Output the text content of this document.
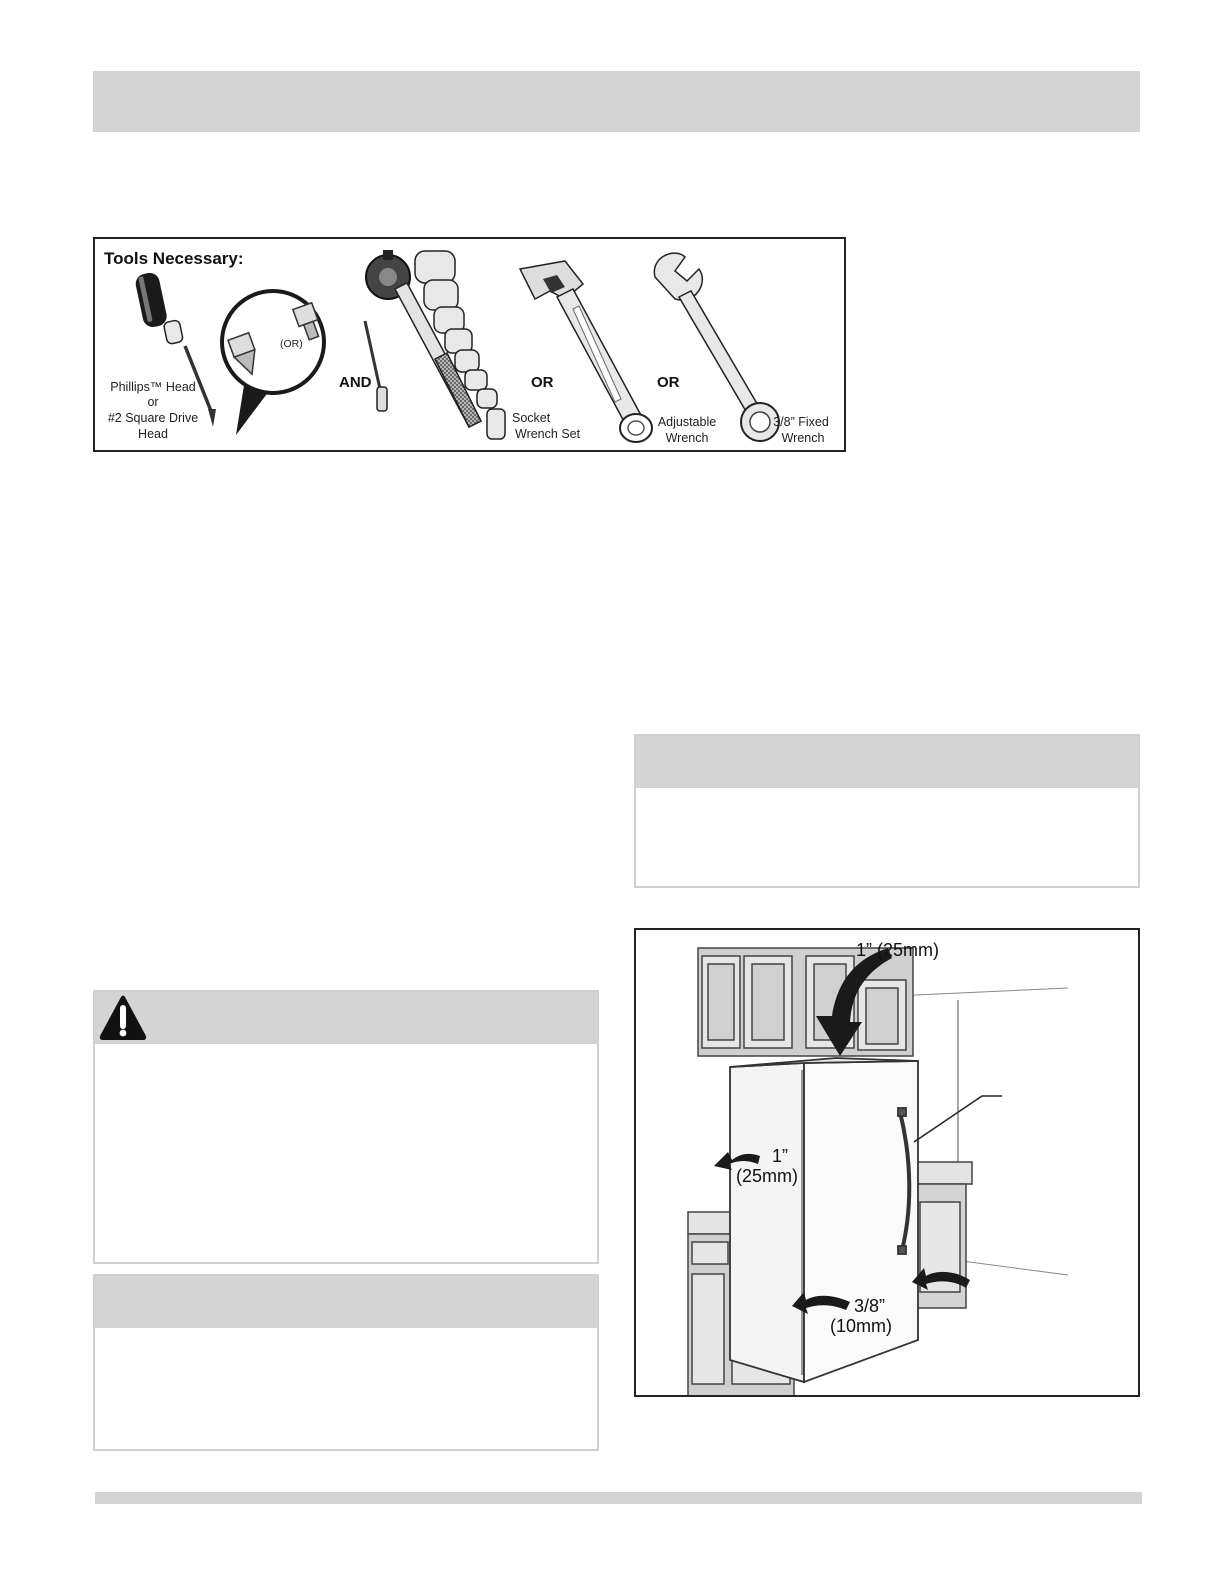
Tools Necessary:
Phillips™ Head
or
#2 Square Drive
Head
(OR)
AND
Socket
Wrench Set
OR
Adjustable
Wrench
OR
3/8” Fixed
Wrench
1” (25mm)
1”
(25mm)
3/8”
(10mm)
